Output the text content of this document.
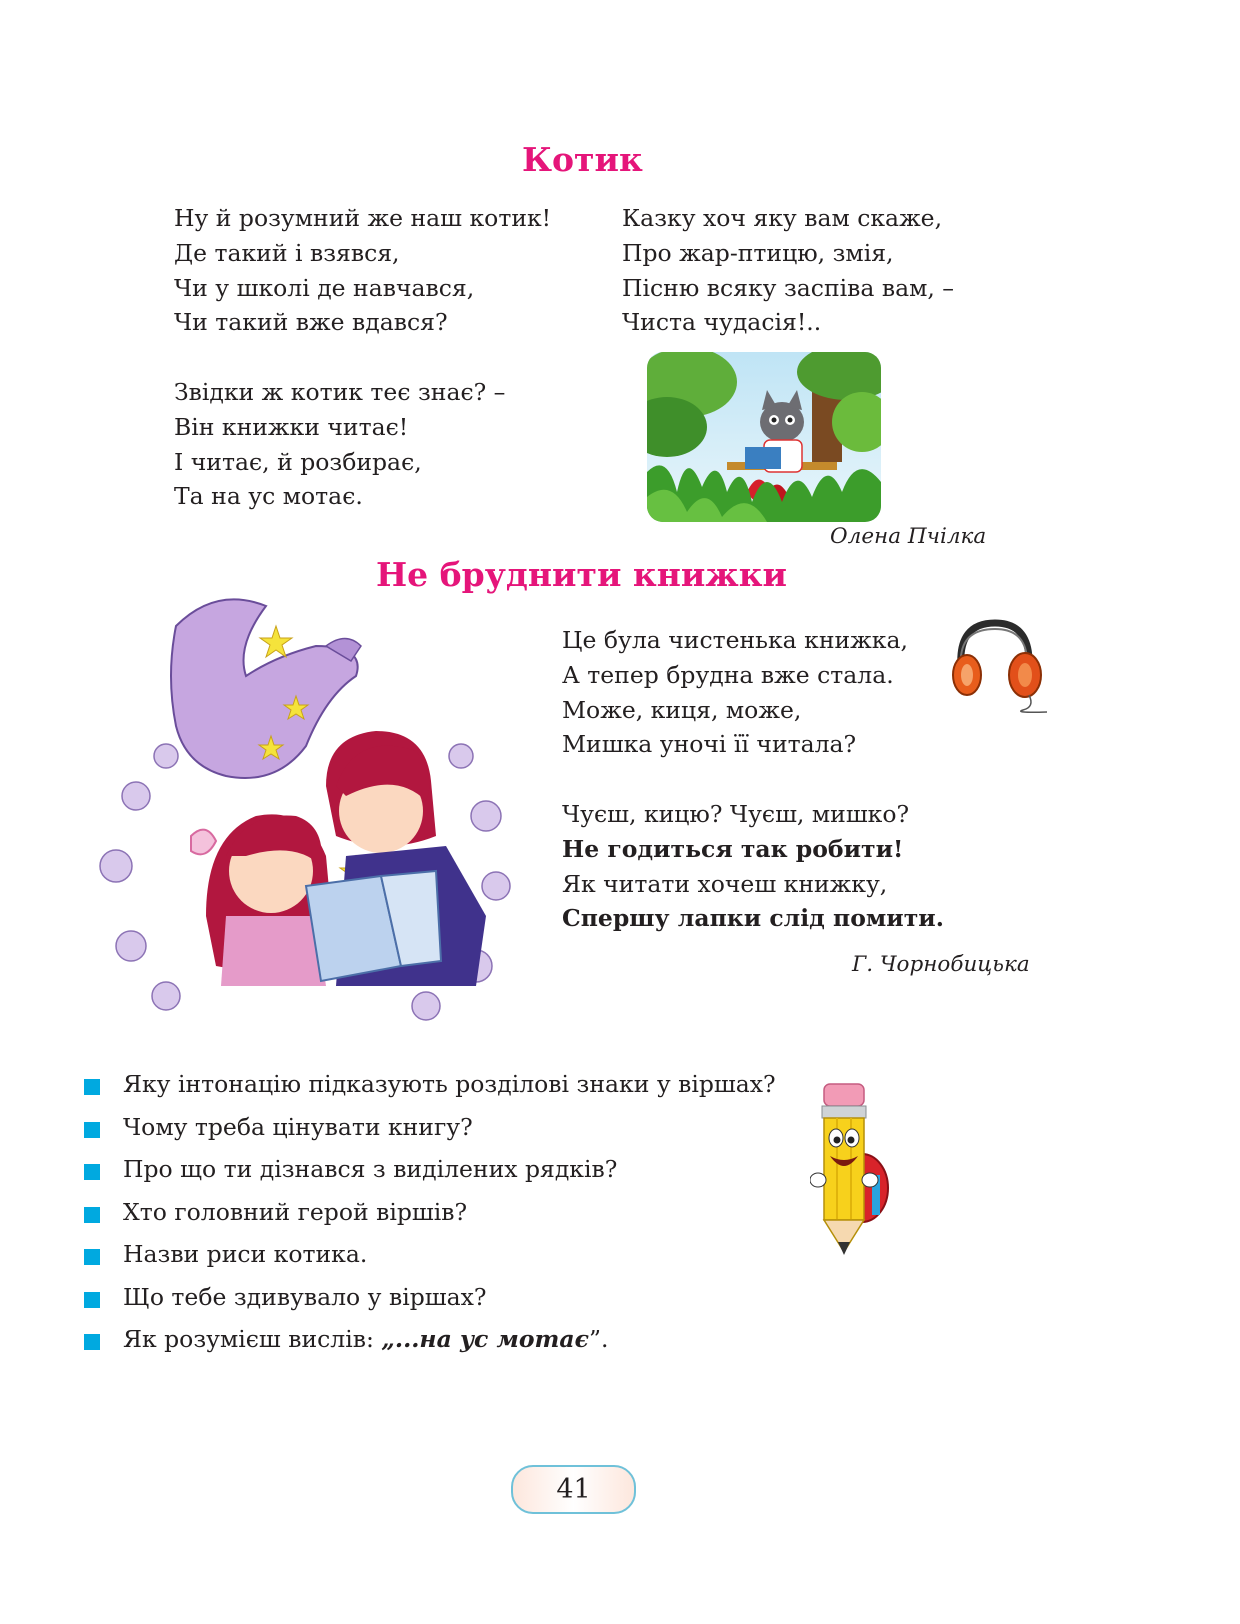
Котик
Ну й розумний же наш котик!
Де такий і взявся,
Чи у школі де навчався,
Чи такий вже вдався?
Звідки ж котик теє знає? –
Він книжки читає!
І читає, й розбирає,
Та на ус мотає.
Казку хоч яку вам скаже,
Про жар-птицю, змія,
Пісню всяку заспіва вам, –
Чиста чудасія!..
Олена Пчілка
Не бруднити книжки
Це була чистенька книжка,
А тепер брудна вже стала.
Може, киця, може,
Мишка уночі її читала?
Чуєш, кицю? Чуєш, мишко?
Не годиться так робити!
Як читати хочеш книжку,
Спершу лапки слід помити.
Г. Чорнобицька
Яку інтонацію підказують розділові знаки у віршах?
Чому треба цінувати книгу?
Про що ти дізнався з виділених рядків?
Хто головний герой віршів?
Назви риси котика.
Що тебе здивувало у віршах?
Як розумієш вислів: „...на ус мотає”.
41
